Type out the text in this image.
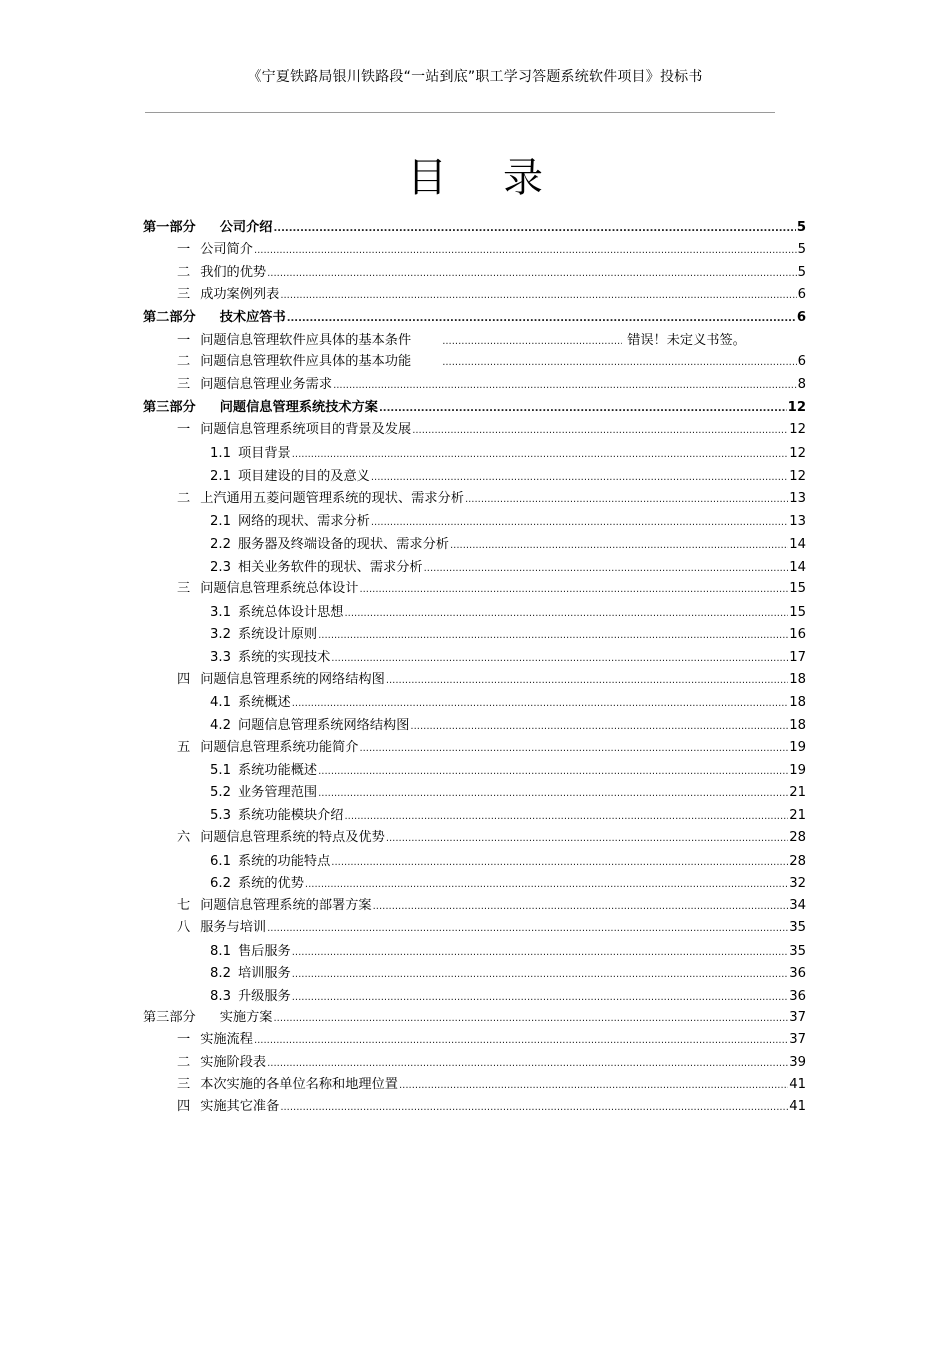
《宁夏铁路局银川铁路段“一站到底”职工学习答题系统软件项目》投标书
目 录
第一部分 公司介绍 .....	5
一 公司简介 .....	5
二 我们的优势 .....	5
三 成功案例列表 .....	6
第二部分 技术应答书 .....	6
一 问题信息管理软件应具体的基本条件 .....	错误！未定义书签。
二 问题信息管理软件应具体的基本功能 .....	6
三 问题信息管理业务需求 .....	8
第三部分 问题信息管理系统技术方案 .....	12
一 问题信息管理系统项目的背景及发展 .....	12
1.1 项目背景 .....	12
2.1 项目建设的目的及意义 .....	12
二 上汽通用五菱问题管理系统的现状、需求分析 .....	13
2.1 网络的现状、需求分析 .....	13
2.2 服务器及终端设备的现状、需求分析 .....	14
2.3 相关业务软件的现状、需求分析 .....	14
三 问题信息管理系统总体设计 .....	15
3.1 系统总体设计思想 .....	15
3.2 系统设计原则 .....	16
3.3 系统的实现技术 .....	17
四 问题信息管理系统的网络结构图 .....	18
4.1 系统概述 .....	18
4.2 问题信息管理系统网络结构图 .....	18
五 问题信息管理系统功能简介 .....	19
5.1 系统功能概述 .....	19
5.2 业务管理范围 .....	21
5.3 系统功能模块介绍 .....	21
六 问题信息管理系统的特点及优势 .....	28
6.1 系统的功能特点 .....	28
6.2 系统的优势 .....	32
七 问题信息管理系统的部署方案 .....	34
八 服务与培训 .....	35
8.1 售后服务 .....	35
8.2 培训服务 .....	36
8.3 升级服务 .....	36
第三部分 实施方案 .....	37
一 实施流程 .....	37
二 实施阶段表 .....	39
三 本次实施的各单位名称和地理位置 .....	41
四 实施其它准备 .....	41
